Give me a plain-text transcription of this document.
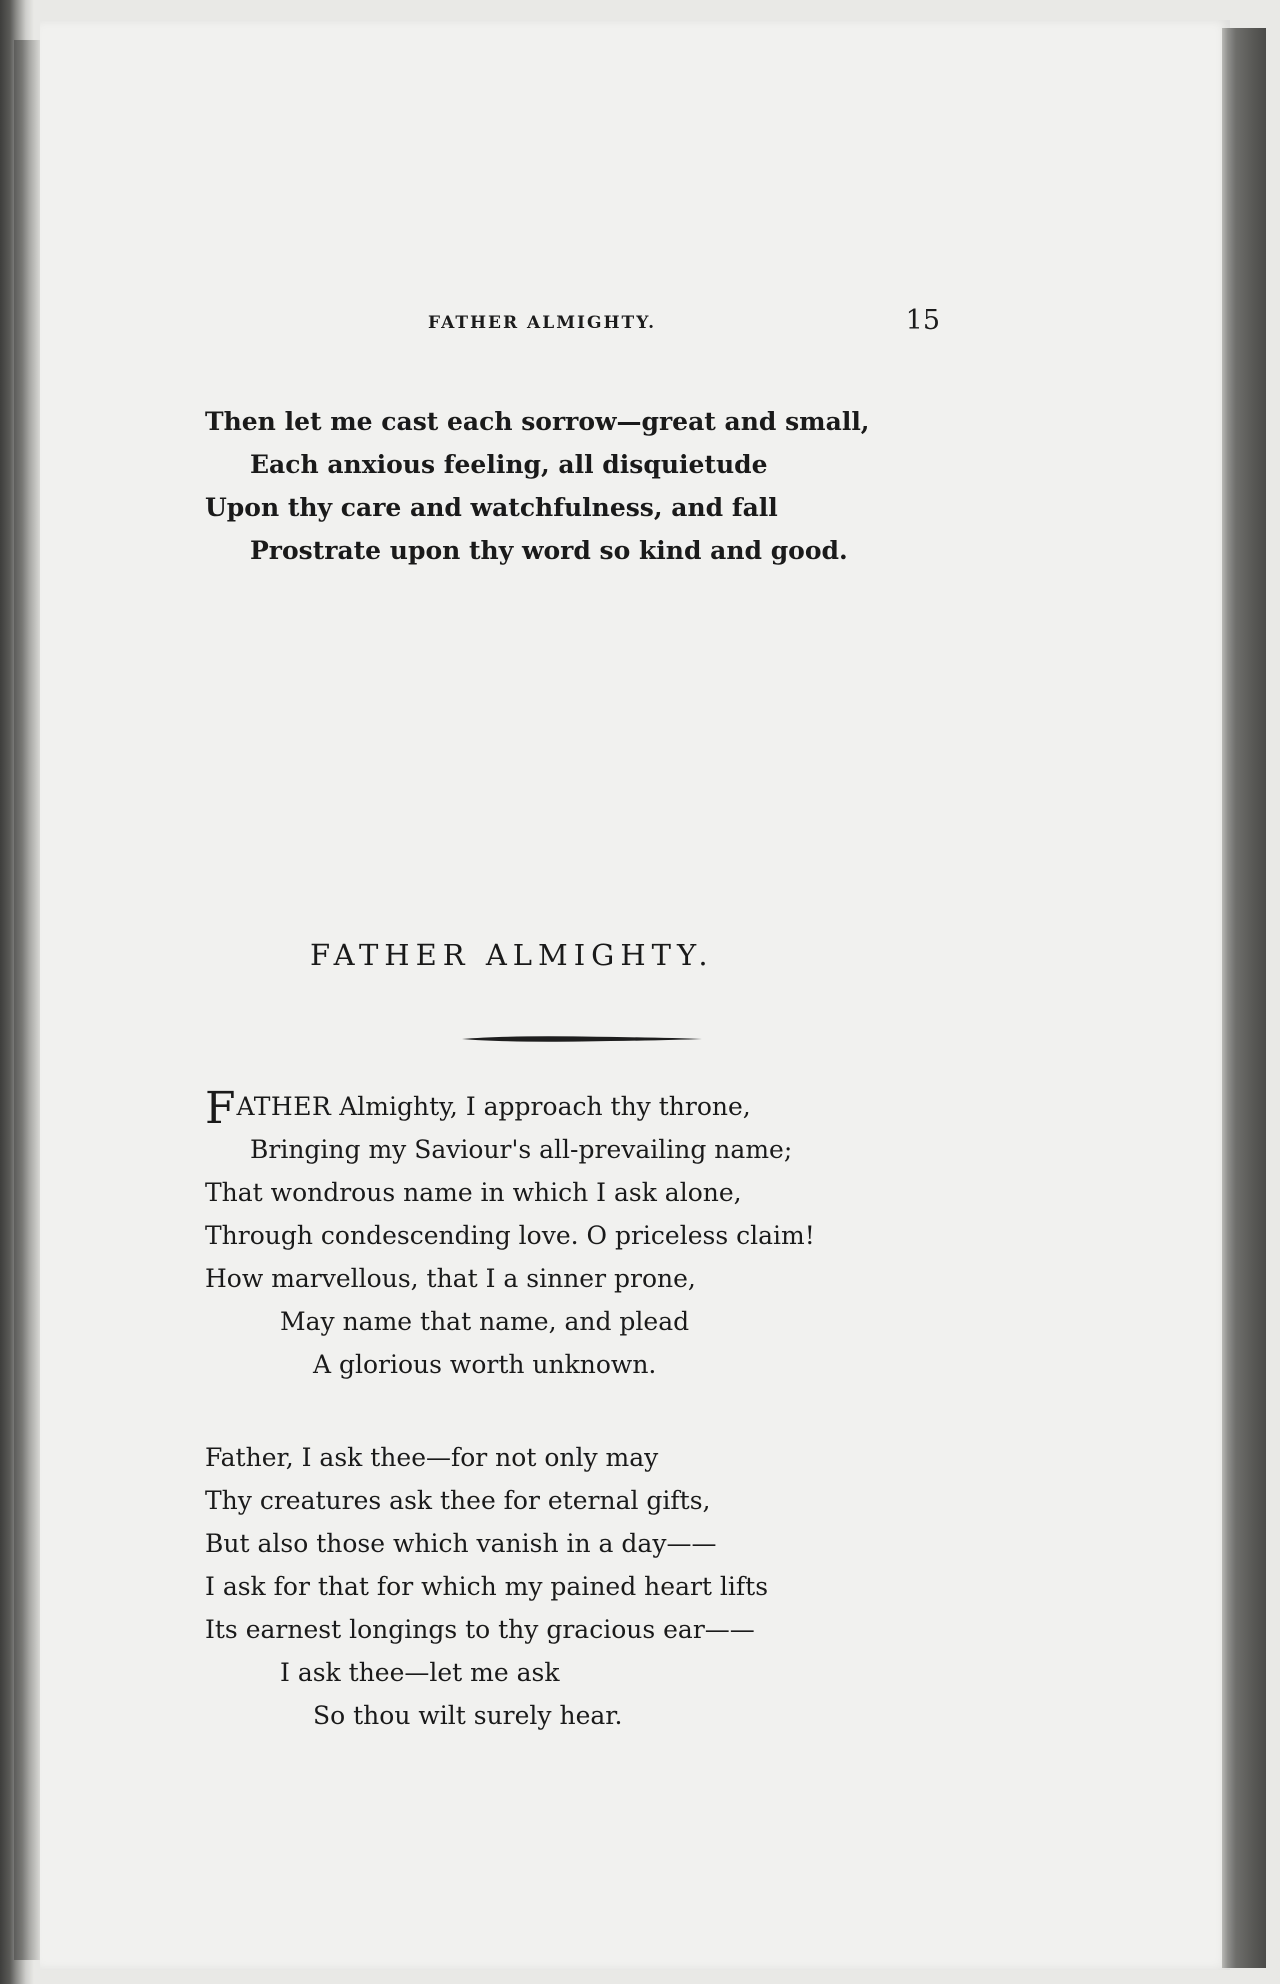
FATHER ALMIGHTY.	15
Then let me cast each sorrow—great and small,
Each anxious feeling, all disquietude
Upon thy care and watchfulness, and fall
Prostrate upon thy word so kind and good.
FATHER ALMIGHTY.
FATHER Almighty, I approach thy throne,
Bringing my Saviour's all-prevailing name;
That wondrous name in which I ask alone,
Through condescending love. O priceless claim!
How marvellous, that I a sinner prone,
May name that name, and plead
A glorious worth unknown.
Father, I ask thee—for not only may
Thy creatures ask thee for eternal gifts,
But also those which vanish in a day——
I ask for that for which my pained heart lifts
Its earnest longings to thy gracious ear——
I ask thee—let me ask
So thou wilt surely hear.
